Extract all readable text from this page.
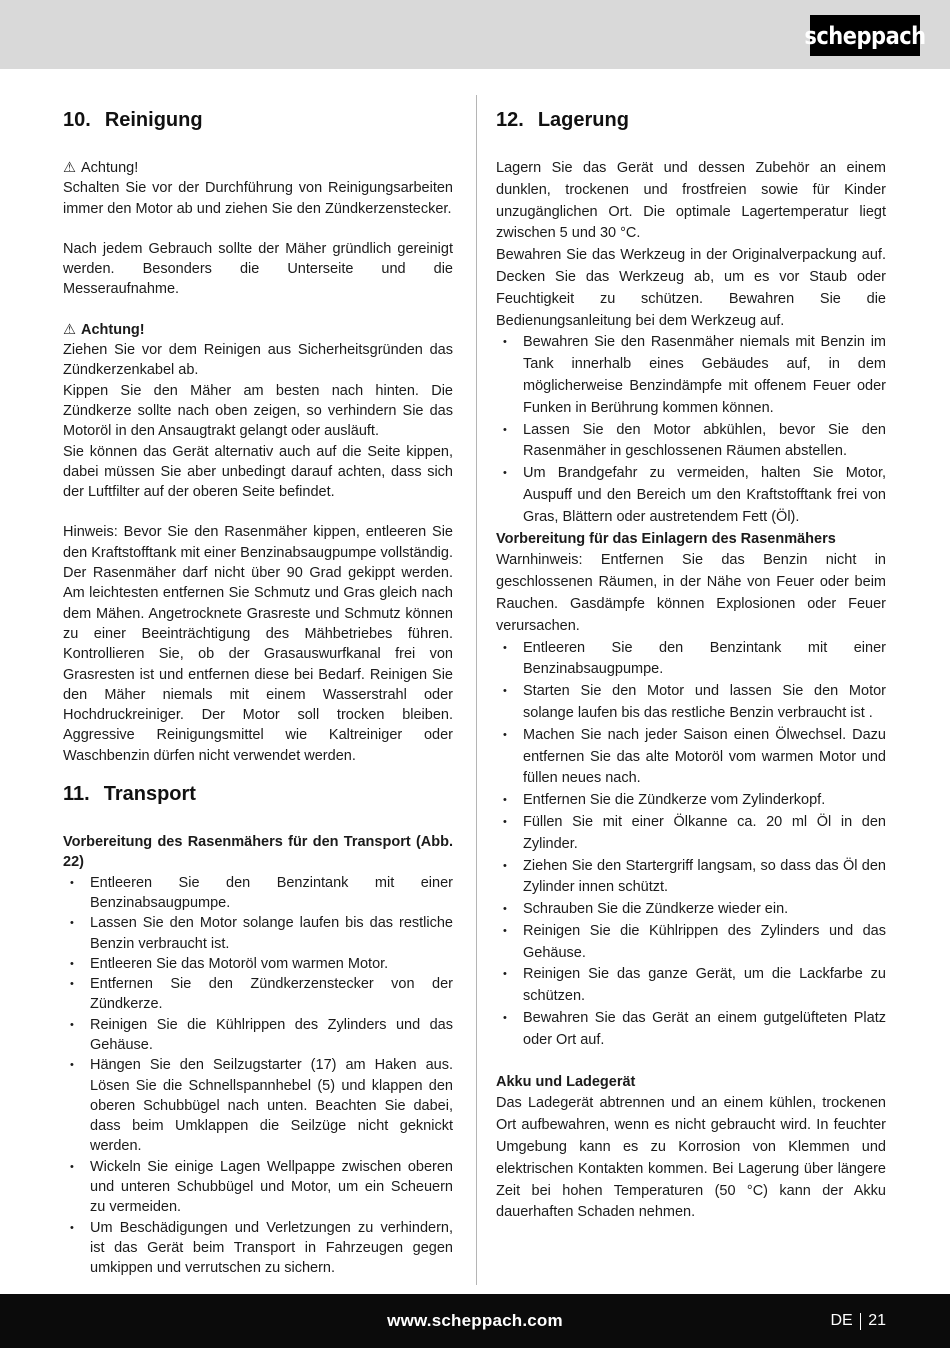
scheppach
10. Reinigung

⚠ Achtung!

Schalten Sie vor der Durchführung von Reinigungsarbeiten immer den Motor ab und ziehen Sie den Zündkerzenstecker.

Nach jedem Gebrauch sollte der Mäher gründlich gereinigt werden. Besonders die Unterseite und die Messeraufnahme.

⚠ Achtung!

Ziehen Sie vor dem Reinigen aus Sicherheitsgründen das Zündkerzenkabel ab.

Kippen Sie den Mäher am besten nach hinten. Die Zündkerze sollte nach oben zeigen, so verhindern Sie das Motoröl in den Ansaugtrakt gelangt oder ausläuft.

Sie können das Gerät alternativ auch auf die Seite kippen, dabei müssen Sie aber unbedingt darauf achten, dass sich der Luftfilter auf der oberen Seite befindet.

Hinweis: Bevor Sie den Rasenmäher kippen, entleeren Sie den Kraftstofftank mit einer Benzinabsaugpumpe vollständig. Der Rasenmäher darf nicht über 90 Grad gekippt werden. Am leichtesten entfernen Sie Schmutz und Gras gleich nach dem Mähen. Angetrocknete Grasreste und Schmutz können zu einer Beeinträchtigung des Mähbetriebes führen. Kontrollieren Sie, ob der Grasauswurfkanal frei von Grasresten ist und entfernen diese bei Bedarf. Reinigen Sie den Mäher niemals mit einem Wasserstrahl oder Hochdruckreiniger. Der Motor soll trocken bleiben. Aggressive Reinigungsmittel wie Kaltreiniger oder Waschbenzin dürfen nicht verwendet werden.

11. Transport

Vorbereitung des Rasenmähers für den Transport (Abb. 22)

• Entleeren Sie den Benzintank mit einer Benzinabsaugpumpe.
• Lassen Sie den Motor solange laufen bis das restliche Benzin verbraucht ist.
• Entleeren Sie das Motoröl vom warmen Motor.
• Entfernen Sie den Zündkerzenstecker von der Zündkerze.
• Reinigen Sie die Kühlrippen des Zylinders und das Gehäuse.
• Hängen Sie den Seilzugstarter (17) am Haken aus. Lösen Sie die Schnellspannhebel (5) und klappen den oberen Schubbügel nach unten. Beachten Sie dabei, dass beim Umklappen die Seilzüge nicht geknickt werden.
• Wickeln Sie einige Lagen Wellpappe zwischen oberen und unteren Schubbügel und Motor, um ein Scheuern zu vermeiden.
• Um Beschädigungen und Verletzungen zu verhindern, ist das Gerät beim Transport in Fahrzeugen gegen umkippen und verrutschen zu sichern.
12. Lagerung

Lagern Sie das Gerät und dessen Zubehör an einem dunklen, trockenen und frostfreien sowie für Kinder unzugänglichen Ort. Die optimale Lagertemperatur liegt zwischen 5 und 30 °C.

Bewahren Sie das Werkzeug in der Originalverpackung auf. Decken Sie das Werkzeug ab, um es vor Staub oder Feuchtigkeit zu schützen. Bewahren Sie die Bedienungsanleitung bei dem Werkzeug auf.

• Bewahren Sie den Rasenmäher niemals mit Benzin im Tank innerhalb eines Gebäudes auf, in dem möglicherweise Benzindämpfe mit offenem Feuer oder Funken in Berührung kommen können.
• Lassen Sie den Motor abkühlen, bevor Sie den Rasenmäher in geschlossenen Räumen abstellen.
• Um Brandgefahr zu vermeiden, halten Sie Motor, Auspuff und den Bereich um den Kraftstofftank frei von Gras, Blättern oder austretendem Fett (Öl).

Vorbereitung für das Einlagern des Rasenmähers

Warnhinweis: Entfernen Sie das Benzin nicht in geschlossenen Räumen, in der Nähe von Feuer oder beim Rauchen. Gasdämpfe können Explosionen oder Feuer verursachen.

• Entleeren Sie den Benzintank mit einer Benzinabsaugpumpe.
• Starten Sie den Motor und lassen Sie den Motor solange laufen bis das restliche Benzin verbraucht ist .
• Machen Sie nach jeder Saison einen Ölwechsel. Dazu entfernen Sie das alte Motoröl vom warmen Motor und füllen neues nach.
• Entfernen Sie die Zündkerze vom Zylinderkopf.
• Füllen Sie mit einer Ölkanne ca. 20 ml Öl in den Zylinder.
• Ziehen Sie den Startergriff langsam, so dass das Öl den Zylinder innen schützt.
• Schrauben Sie die Zündkerze wieder ein.
• Reinigen Sie die Kühlrippen des Zylinders und das Gehäuse.
• Reinigen Sie das ganze Gerät, um die Lackfarbe zu schützen.
• Bewahren Sie das Gerät an einem gutgelüfteten Platz oder Ort auf.

Akku und Ladegerät

Das Ladegerät abtrennen und an einem kühlen, trockenen Ort aufbewahren, wenn es nicht gebraucht wird. In feuchter Umgebung kann es zu Korrosion von Klemmen und elektrischen Kontakten kommen. Bei Lagerung über längere Zeit bei hohen Temperaturen (50 °C) kann der Akku dauerhaften Schaden nehmen.

www.scheppach.com	DE 21
